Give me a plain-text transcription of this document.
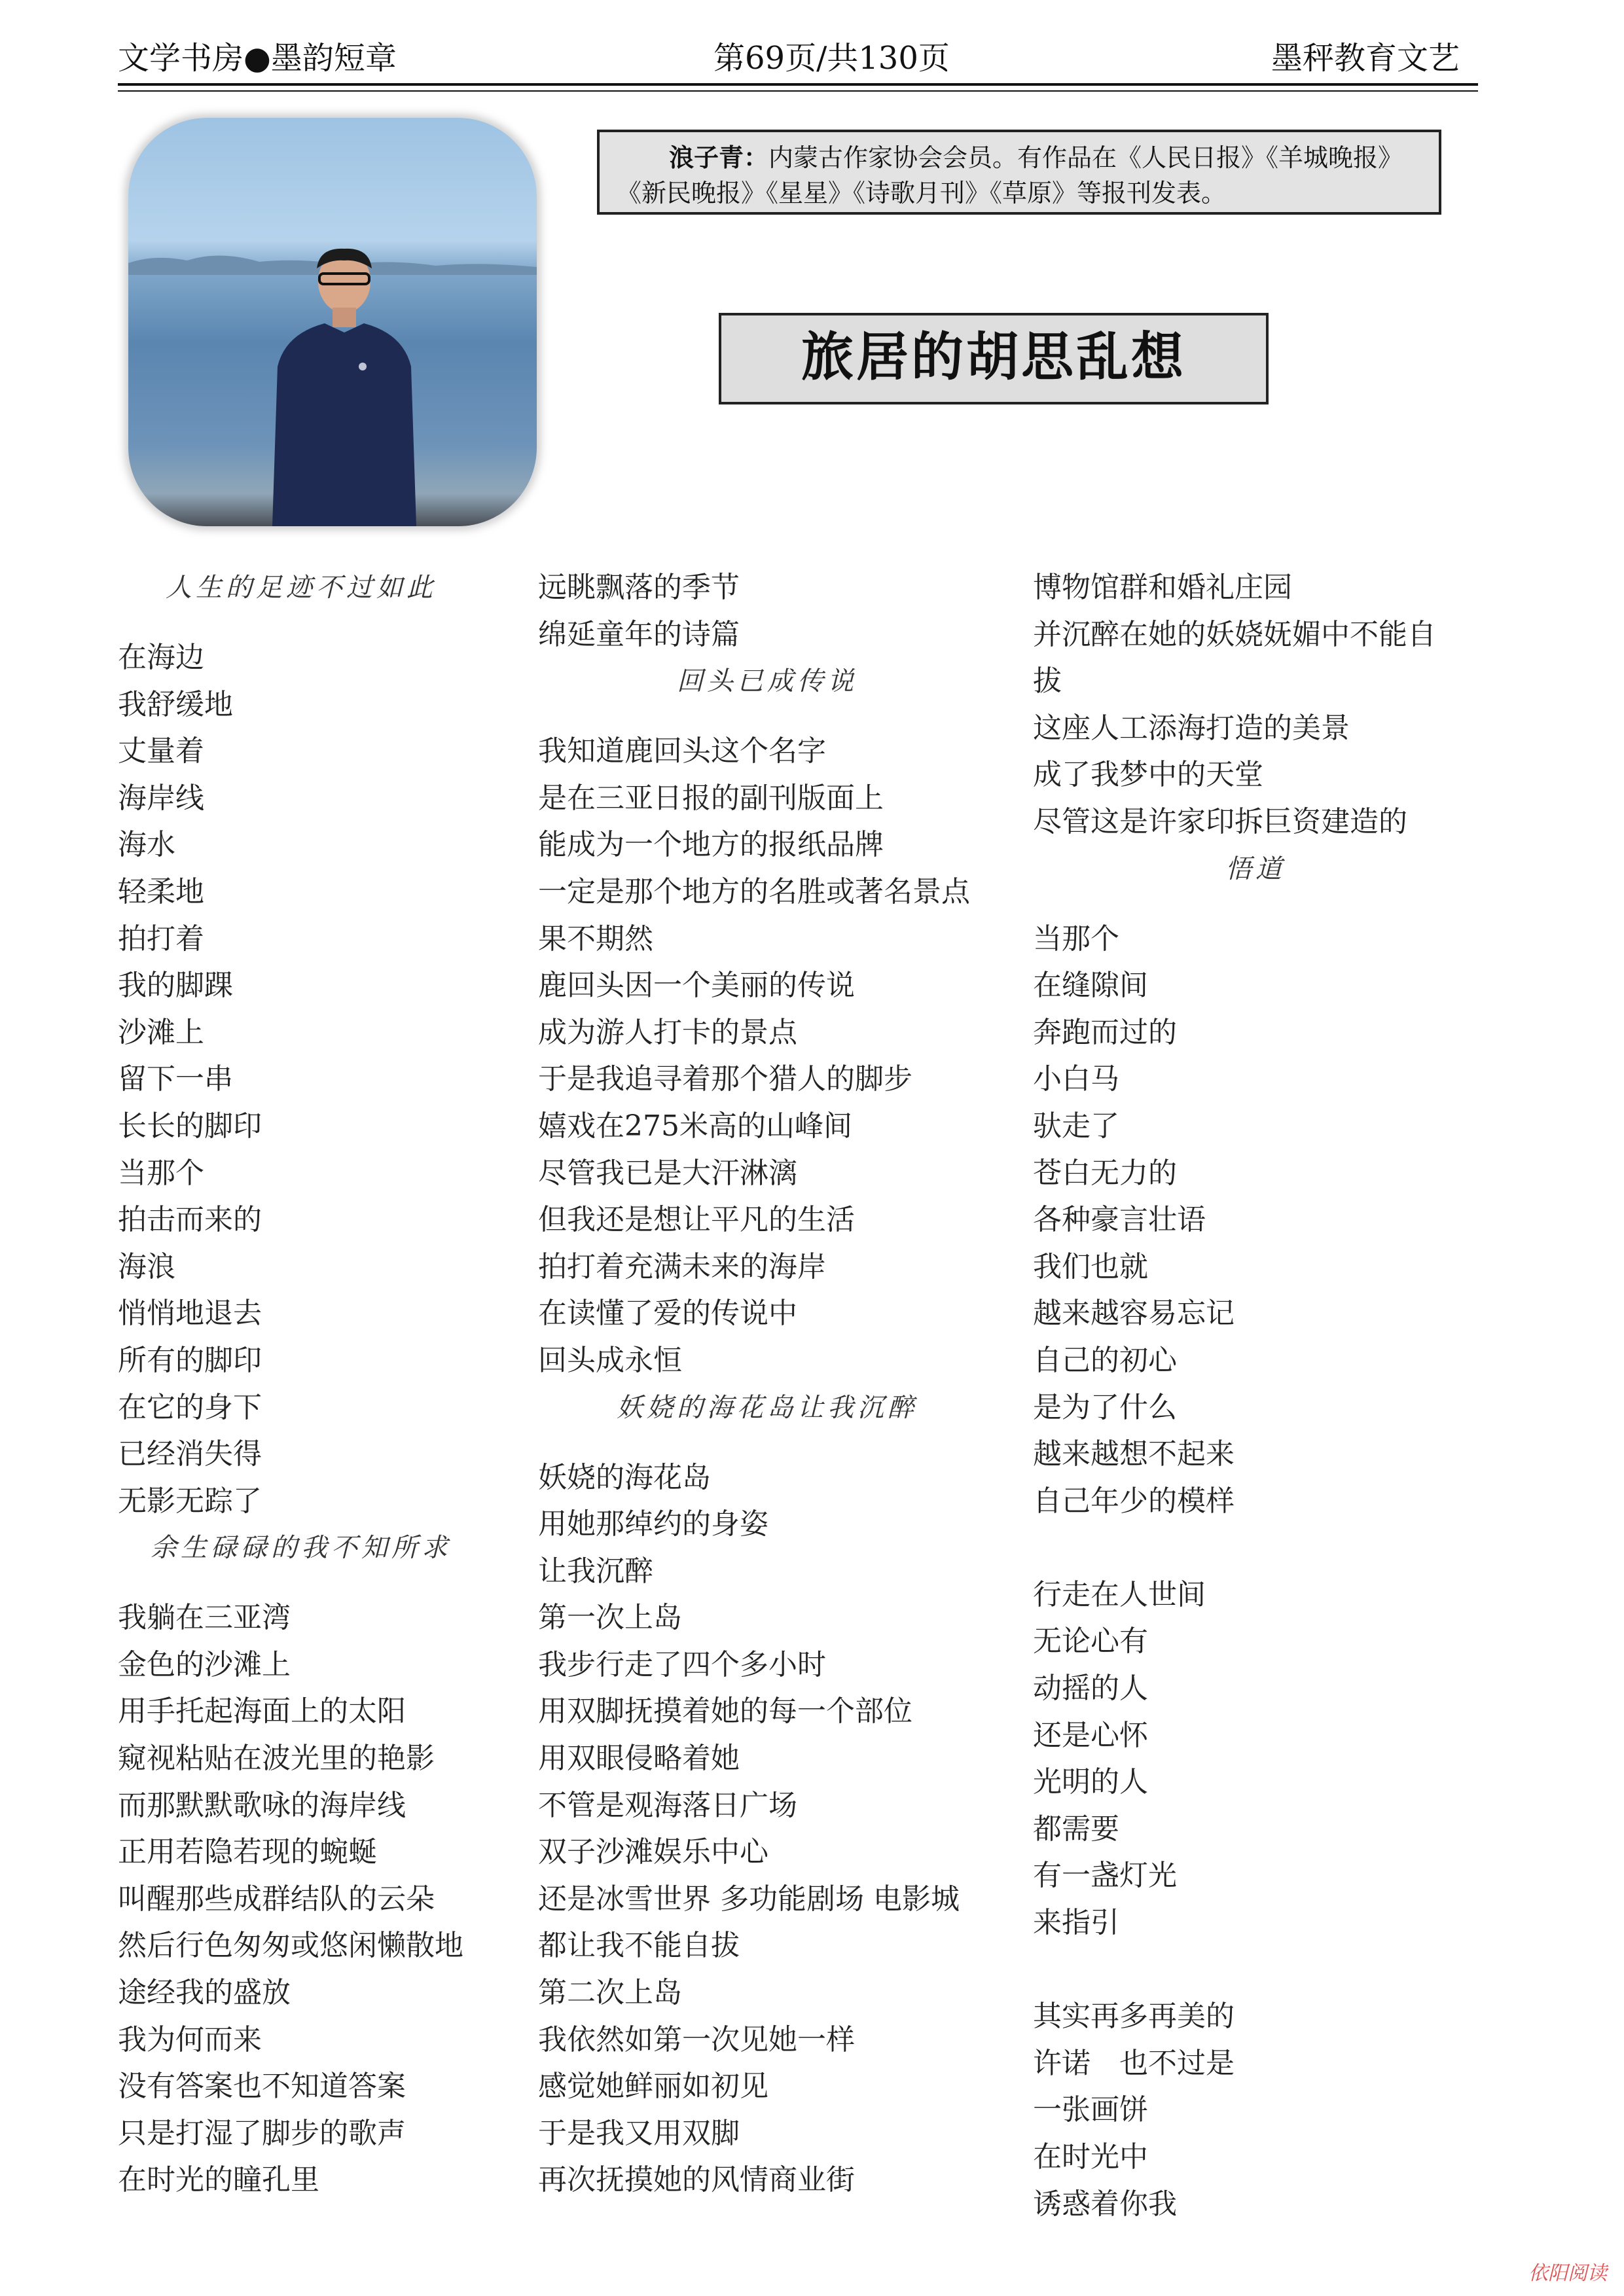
文学书房●墨韵短章	第69页/共130页	墨秤教育文艺
浪子青：内蒙古作家协会会员。有作品在《人民日报》《羊城晚报》《新民晚报》《星星》《诗歌月刊》《草原》等报刊发表。
旅居的胡思乱想
人生的足迹不过如此
在海边
我舒缓地
丈量着
海岸线
海水
轻柔地
拍打着
我的脚踝
沙滩上
留下一串
长长的脚印
当那个
拍击而来的
海浪
悄悄地退去
所有的脚印
在它的身下
已经消失得
无影无踪了
余生碌碌的我不知所求
我躺在三亚湾
金色的沙滩上
用手托起海面上的太阳
窥视粘贴在波光里的艳影
而那默默歌咏的海岸线
正用若隐若现的蜿蜒
叫醒那些成群结队的云朵
然后行色匆匆或悠闲懒散地
途经我的盛放
我为何而来
没有答案也不知道答案
只是打湿了脚步的歌声
在时光的瞳孔里
远眺飘落的季节
绵延童年的诗篇
回头已成传说
我知道鹿回头这个名字
是在三亚日报的副刊版面上
能成为一个地方的报纸品牌
一定是那个地方的名胜或著名景点
果不期然
鹿回头因一个美丽的传说
成为游人打卡的景点
于是我追寻着那个猎人的脚步
嬉戏在275米高的山峰间
尽管我已是大汗淋漓
但我还是想让平凡的生活
拍打着充满未来的海岸
在读懂了爱的传说中
回头成永恒
妖娆的海花岛让我沉醉
妖娆的海花岛
用她那绰约的身姿
让我沉醉
第一次上岛
我步行走了四个多小时
用双脚抚摸着她的每一个部位
用双眼侵略着她
不管是观海落日广场
双子沙滩娱乐中心
还是冰雪世界 多功能剧场 电影城
都让我不能自拔
第二次上岛
我依然如第一次见她一样
感觉她鲜丽如初见
于是我又用双脚
再次抚摸她的风情商业街
博物馆群和婚礼庄园
并沉醉在她的妖娆妩媚中不能自
拔
这座人工添海打造的美景
成了我梦中的天堂
尽管这是许家印拆巨资建造的
悟道
当那个
在缝隙间
奔跑而过的
小白马
驮走了
苍白无力的
各种豪言壮语
我们也就
越来越容易忘记
自己的初心
是为了什么
越来越想不起来
自己年少的模样
行走在人世间
无论心有
动摇的人
还是心怀
光明的人
都需要
有一盏灯光
来指引
其实再多再美的
许诺　也不过是
一张画饼
在时光中
诱惑着你我
依阳阅读
